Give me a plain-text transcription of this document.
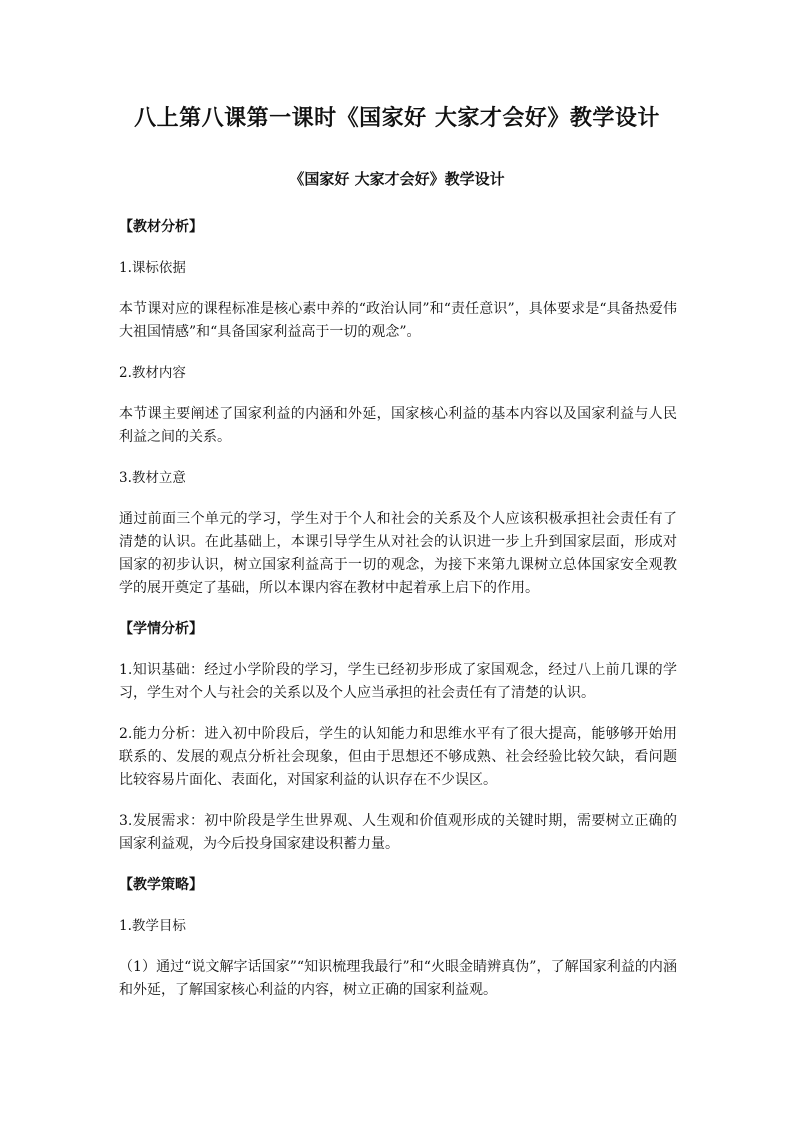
八上第八课第一课时《国家好 大家才会好》教学设计
《国家好 大家才会好》教学设计

【教材分析】

1.课标依据

本节课对应的课程标准是核心素中养的“政治认同”和“责任意识”，具体要求是“具备热爱伟大祖国情感”和“具备国家利益高于一切的观念”。

2.教材内容

本节课主要阐述了国家利益的内涵和外延，国家核心利益的基本内容以及国家利益与人民利益之间的关系。

3.教材立意

通过前面三个单元的学习，学生对于个人和社会的关系及个人应该积极承担社会责任有了清楚的认识。在此基础上，本课引导学生从对社会的认识进一步上升到国家层面，形成对国家的初步认识，树立国家利益高于一切的观念，为接下来第九课树立总体国家安全观教学的展开奠定了基础，所以本课内容在教材中起着承上启下的作用。

【学情分析】

1.知识基础：经过小学阶段的学习，学生已经初步形成了家国观念，经过八上前几课的学习，学生对个人与社会的关系以及个人应当承担的社会责任有了清楚的认识。

2.能力分析：进入初中阶段后，学生的认知能力和思维水平有了很大提高，能够够开始用联系的、发展的观点分析社会现象，但由于思想还不够成熟、社会经验比较欠缺，看问题比较容易片面化、表面化，对国家利益的认识存在不少误区。

3.发展需求：初中阶段是学生世界观、人生观和价值观形成的关键时期，需要树立正确的国家利益观，为今后投身国家建设积蓄力量。

【教学策略】

1.教学目标

（1）通过“说文解字话国家”“知识梳理我最行”和“火眼金睛辨真伪”，了解国家利益的内涵和外延，了解国家核心利益的内容，树立正确的国家利益观。
